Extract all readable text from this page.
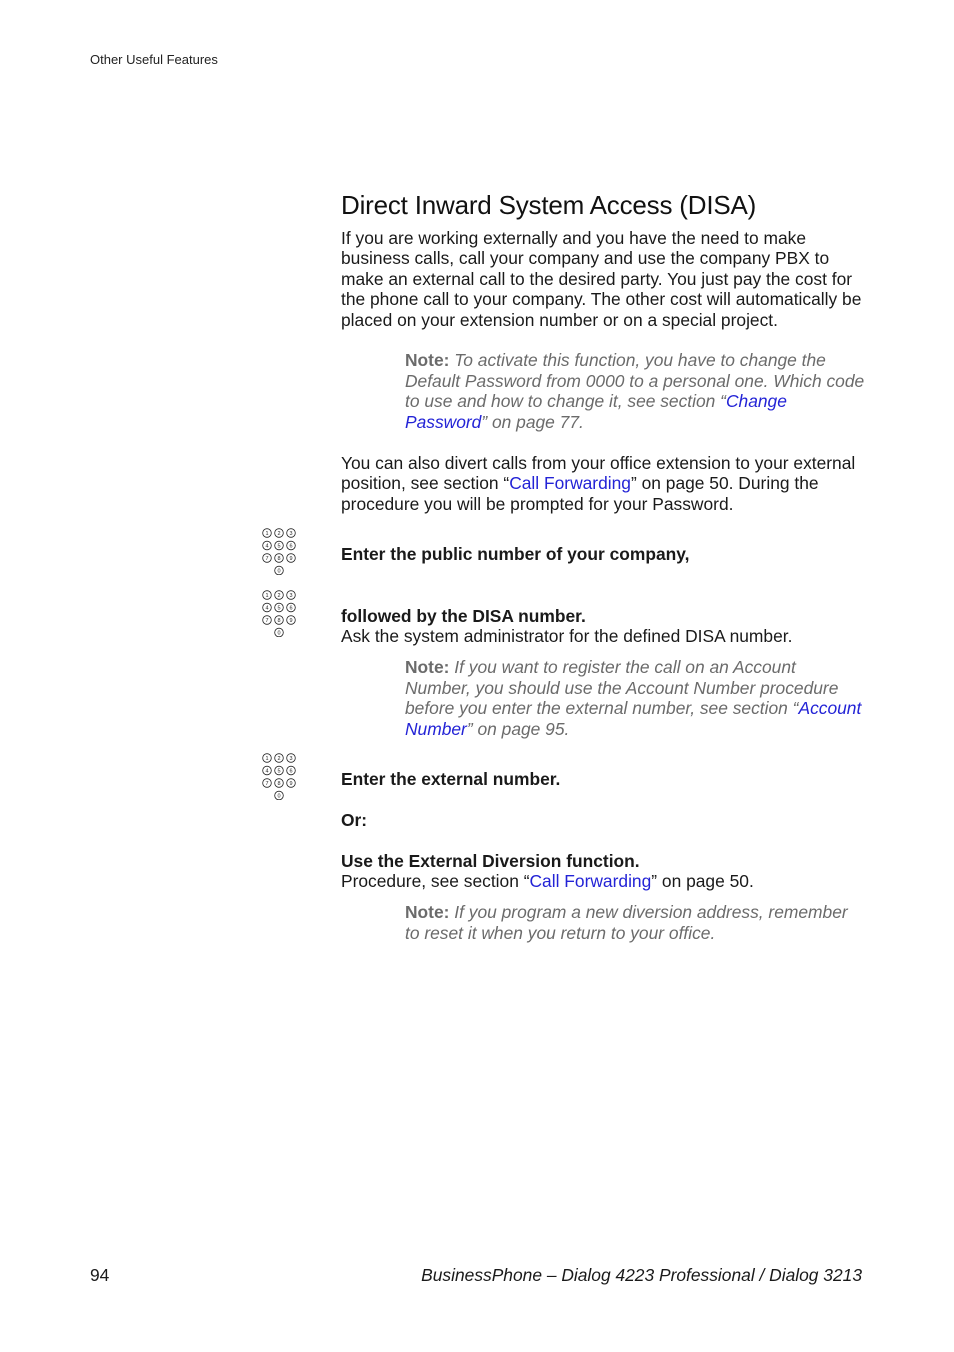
Other Useful Features
Direct Inward System Access (DISA)

If you are working externally and you have the need to make business calls, call your company and use the company PBX to make an external call to the desired party. You just pay the cost for the phone call to your company. The other cost will automatically be placed on your extension number or on a special project.

Note: To activate this function, you have to change the Default Password from 0000 to a personal one. Which code to use and how to change it, see section “Change Password” on page 77.

You can also divert calls from your office extension to your external position, see section “Call Forwarding” on page 50. During the procedure you will be prompted for your Password.

1 2 3
4 5 6
7 8 9
0
1 2 3
4 5 6
7 8 9
0
1 2 3
4 5 6
7 8 9
0
Enter the public number of your company,
followed by the DISA number.
Ask the system administrator for the defined DISA number.

Note: If you want to register the call on an Account Number, you should use the Account Number procedure before you enter the external number, see section “Account Number” on page 95.

Enter the external number.
Or:
Use the External Diversion function.
Procedure, see section “Call Forwarding” on page 50.

Note: If you program a new diversion address, remember to reset it when you return to your office.

94	BusinessPhone – Dialog 4223 Professional / Dialog 3213
